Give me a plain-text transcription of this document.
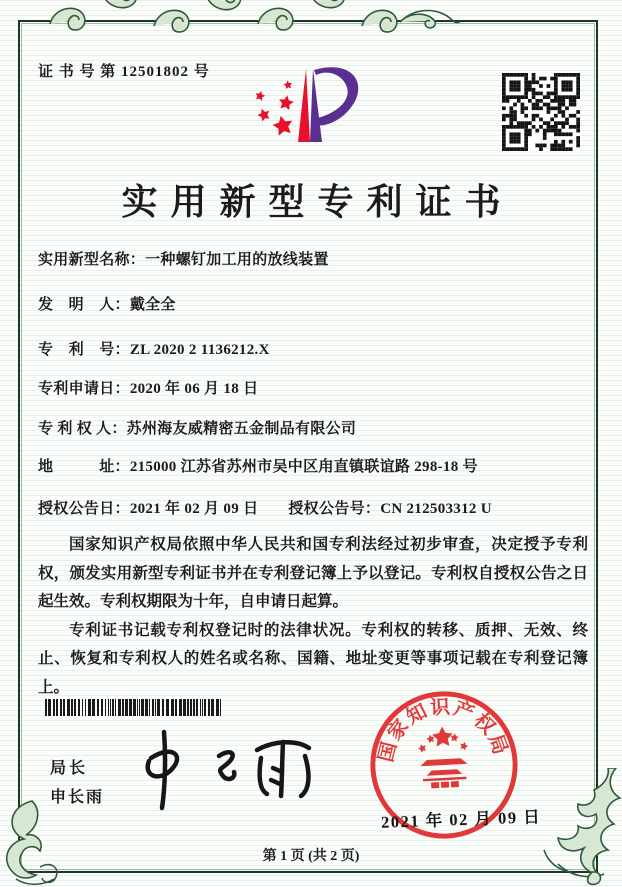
证 书 号 第 12501802 号
实用新型专利证书
实用新型名称：一种螺钉加工用的放线装置
发　明　人：戴全全
专　利　号：ZL 2020 2 1136212.X
专利申请日：2020 年 06 月 18 日
专 利 权 人：苏州海友威精密五金制品有限公司
地　　　址：215000 江苏省苏州市吴中区甪直镇联谊路 298-18 号
授权公告日：2021 年 02 月 09 日 授权公告号：CN 212503312 U

国家知识产权局依照中华人民共和国专利法经过初步审查，决定授予专利权，颁发实用新型专利证书并在专利登记簿上予以登记。专利权自授权公告之日起生效。专利权期限为十年，自申请日起算。

专利证书记载专利权登记时的法律状况。专利权的转移、质押、无效、终止、恢复和专利权人的姓名或名称、国籍、地址变更等事项记载在专利登记簿上。

局长
申长雨
国家知识产权局
2021 年 02 月 09 日
第 1 页 (共 2 页)
